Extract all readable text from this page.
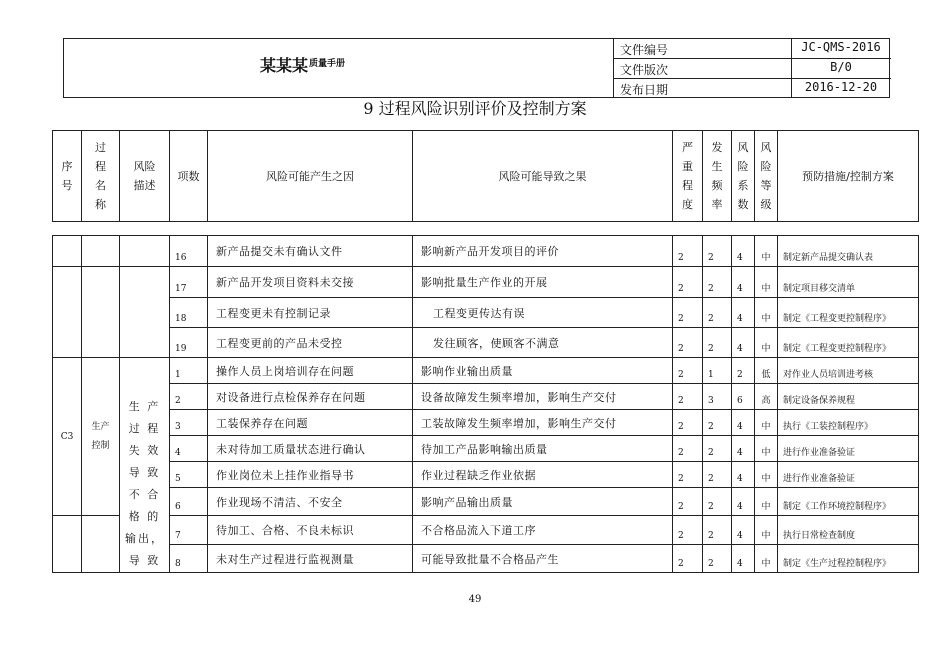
某某某$^{质量手册}$
文件编号	JC-QMS-2016
文件版次	B/0
发布日期	2016-12-20
9 过程风险识别评价及控制方案
序号	过程名称	风险描述	项数	风险可能产生之因	风险可能导致之果	严重程度	发生频率	风险系数	风险等级	预防措施/控制方案
			16	新产品提交未有确认文件	影响新产品开发项目的评价	2	2	4	中	制定新产品提交确认表
			17	新产品开发项目资料未交接	影响批量生产作业的开展	2	2	4	中	制定项目移交清单
			18	工程变更未有控制记录	工程变更传达有误	2	2	4	中	制定《工程变更控制程序》
			19	工程变更前的产品未受控	发往顾客，使顾客不满意	2	2	4	中	制定《工程变更控制程序》
C3	生产控制	生 产 过 程 失 效 导 致 不 合 格 的 输出，导 致	1	操作人员上岗培训存在问题	影响作业输出质量	2	1	2	低	对作业人员培训进考核
			2	对设备进行点检保养存在问题	设备故障发生频率增加，影响生产交付	2	3	6	高	制定设备保养规程
			3	工装保养存在问题	工装故障发生频率增加，影响生产交付	2	2	4	中	执行《工装控制程序》
			4	未对待加工质量状态进行确认	待加工产品影响输出质量	2	2	4	中	进行作业准备验证
			5	作业岗位未上挂作业指导书	作业过程缺乏作业依据	2	2	4	中	进行作业准备验证
			6	作业现场不清洁、不安全	影响产品输出质量	2	2	4	中	制定《工作环境控制程序》
			7	待加工、合格、不良未标识	不合格品流入下道工序	2	2	4	中	执行日常检查制度
			8	未对生产过程进行监视测量	可能导致批量不合格品产生	2	2	4	中	制定《生产过程控制程序》
49
